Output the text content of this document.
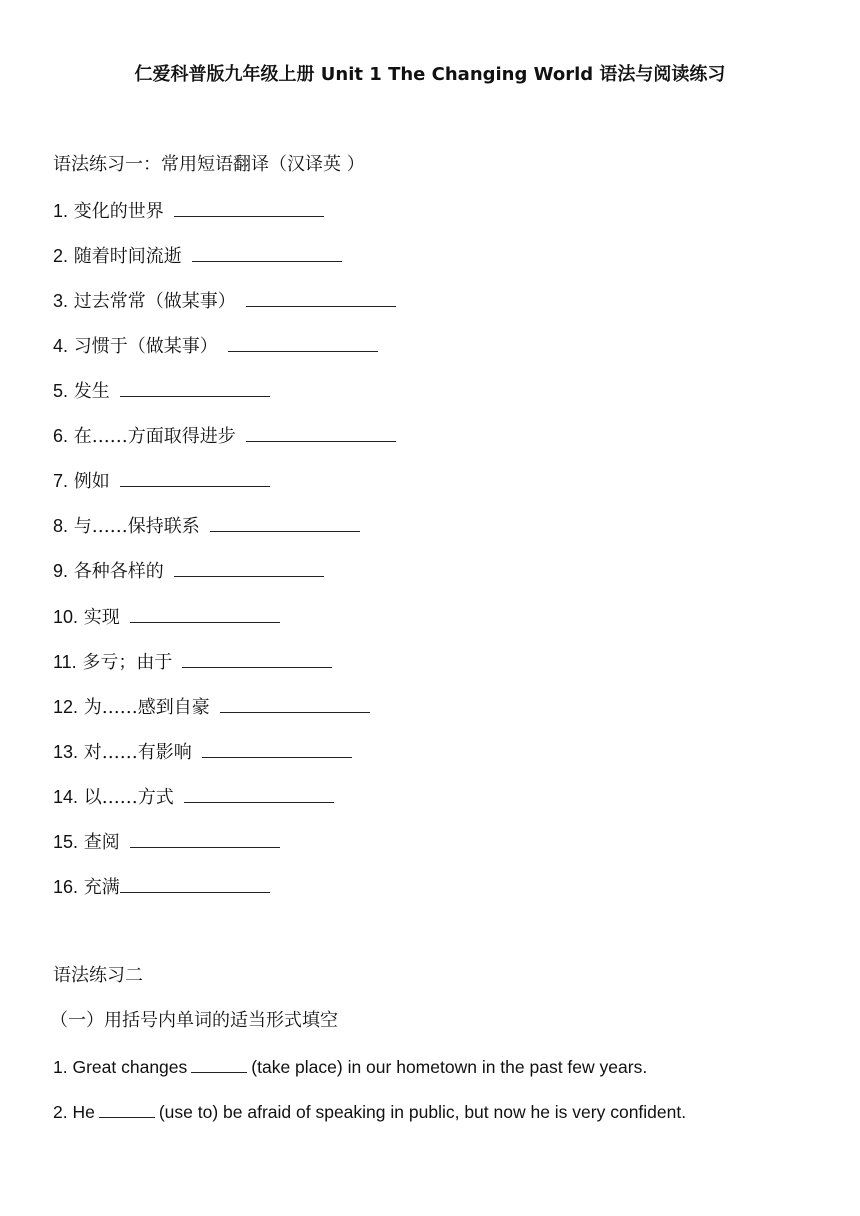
仁爱科普版九年级上册 Unit 1 The Changing World 语法与阅读练习
语法练习一：常用短语翻译（汉译英 ）
1. 变化的世界
2. 随着时间流逝
3. 过去常常（做某事）
4. 习惯于（做某事）
5. 发生
6. 在……方面取得进步
7. 例如
8. 与……保持联系
9. 各种各样的
10. 实现
11. 多亏；由于
12. 为……感到自豪
13. 对……有影响
14. 以……方式
15. 查阅
16. 充满
语法练习二
（一）用括号内单词的适当形式填空
1. Great changes	(take place) in our hometown in the past few years.
2. He	(use to) be afraid of speaking in public, but now he is very confident.
